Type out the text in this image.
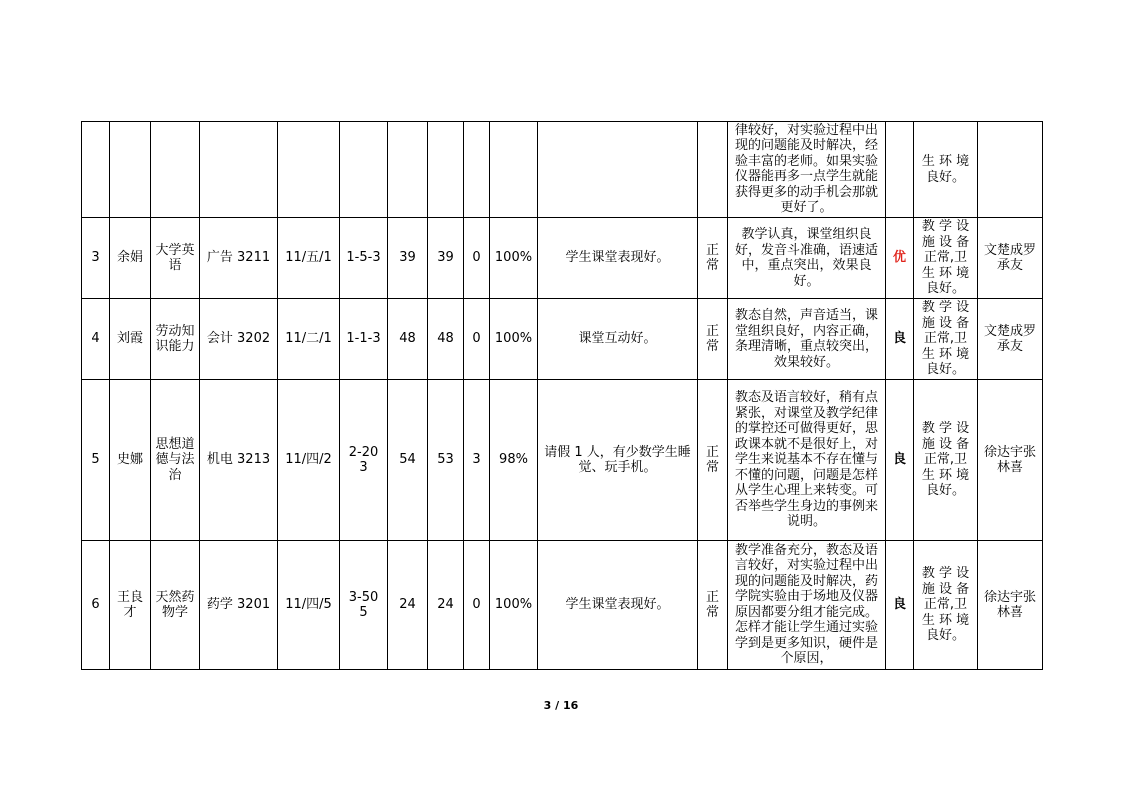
												律较好，对实验过程中出现的问题能及时解决，经验丰富的老师。如果实验仪器能再多一点学生就能获得更多的动手机会那就更好了。		生 环 境 良好。	
3	余娟	大学英语	广告 3211	11/五/1	1-5-3	39	39	0	100%	学生课堂表现好。	正常	教学认真，课堂组织良好，发音斗准确，语速适中，重点突出，效果良好。	优	教 学 设 施 设 备 正常,卫 生 环 境 良好。	文楚成罗承友
4	刘霞	劳动知识能力	会计 3202	11/二/1	1-1-3	48	48	0	100%	课堂互动好。	正常	教态自然，声音适当，课堂组织良好，内容正确，条理清晰，重点较突出，效果较好。	良	教 学 设 施 设 备 正常,卫 生 环 境 良好。	文楚成罗承友
5	史娜	思想道德与法治	机电 3213	11/四/2	2-20 3	54	53	3	98%	请假 1 人，有少数学生睡觉、玩手机。	正常	教态及语言较好，稍有点紧张，对课堂及教学纪律的掌控还可做得更好，思政课本就不是很好上，对学生来说基本不存在懂与不懂的问题，问题是怎样从学生心理上来转变。可否举些学生身边的事例来说明。	良	教 学 设 施 设 备 正常,卫 生 环 境 良好。	徐达宇张林喜
6	王良才	天然药物学	药学 3201	11/四/5	3-50 5	24	24	0	100%	学生课堂表现好。	正常	教学准备充分，教态及语言较好，对实验过程中出现的问题能及时解决，药学院实验由于场地及仪器原因都要分组才能完成。怎样才能让学生通过实验学到是更多知识，硬件是个原因，	良	教 学 设 施 设 备 正常,卫 生 环 境 良好。	徐达宇张林喜
3 / 16
